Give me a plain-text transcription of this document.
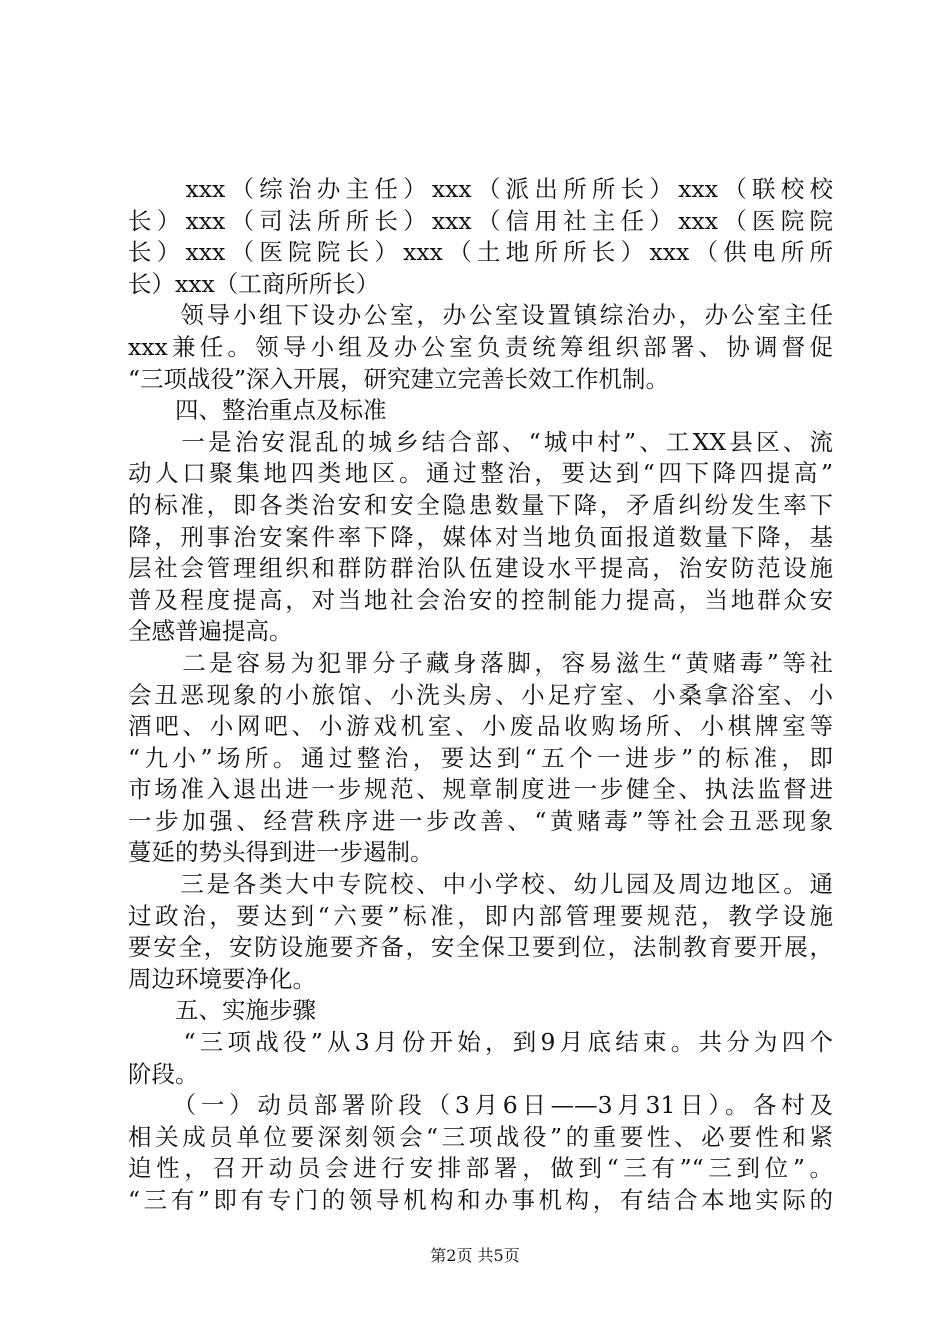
　　xxx（综治办主任）xxx（派出所所长）xxx（联校校
长）xxx（司法所所长）xxx（信用社主任）xxx（医院院
长）xxx（医院院长）xxx（土地所所长）xxx（供电所所
长）xxx（工商所所长）
　　领导小组下设办公室，办公室设置镇综治办，办公室主任
xxx兼任。领导小组及办公室负责统筹组织部署、协调督促
“三项战役”深入开展，研究建立完善长效工作机制。
　　四、整治重点及标准
　　一是治安混乱的城乡结合部、“城中村”、工XX县区、流
动人口聚集地四类地区。通过整治，要达到“四下降四提高”
的标准，即各类治安和安全隐患数量下降，矛盾纠纷发生率下
降，刑事治安案件率下降，媒体对当地负面报道数量下降，基
层社会管理组织和群防群治队伍建设水平提高，治安防范设施
普及程度提高，对当地社会治安的控制能力提高，当地群众安
全感普遍提高。
　　二是容易为犯罪分子藏身落脚，容易滋生“黄赌毒”等社
会丑恶现象的小旅馆、小洗头房、小足疗室、小桑拿浴室、小
酒吧、小网吧、小游戏机室、小废品收购场所、小棋牌室等
“九小”场所。通过整治，要达到“五个一进步”的标准，即
市场准入退出进一步规范、规章制度进一步健全、执法监督进
一步加强、经营秩序进一步改善、“黄赌毒”等社会丑恶现象
蔓延的势头得到进一步遏制。
　　三是各类大中专院校、中小学校、幼儿园及周边地区。通
过政治，要达到“六要”标准，即内部管理要规范，教学设施
要安全，安防设施要齐备，安全保卫要到位，法制教育要开展，
周边环境要净化。
　　五、实施步骤
　　“三项战役”从3月份开始，到9月底结束。共分为四个
阶段。
　　（一）动员部署阶段（3月6日——3月31日）。各村及
相关成员单位要深刻领会“三项战役”的重要性、必要性和紧
迫性，召开动员会进行安排部署，做到“三有”“三到位”。
“三有”即有专门的领导机构和办事机构，有结合本地实际的
第2页 共5页
